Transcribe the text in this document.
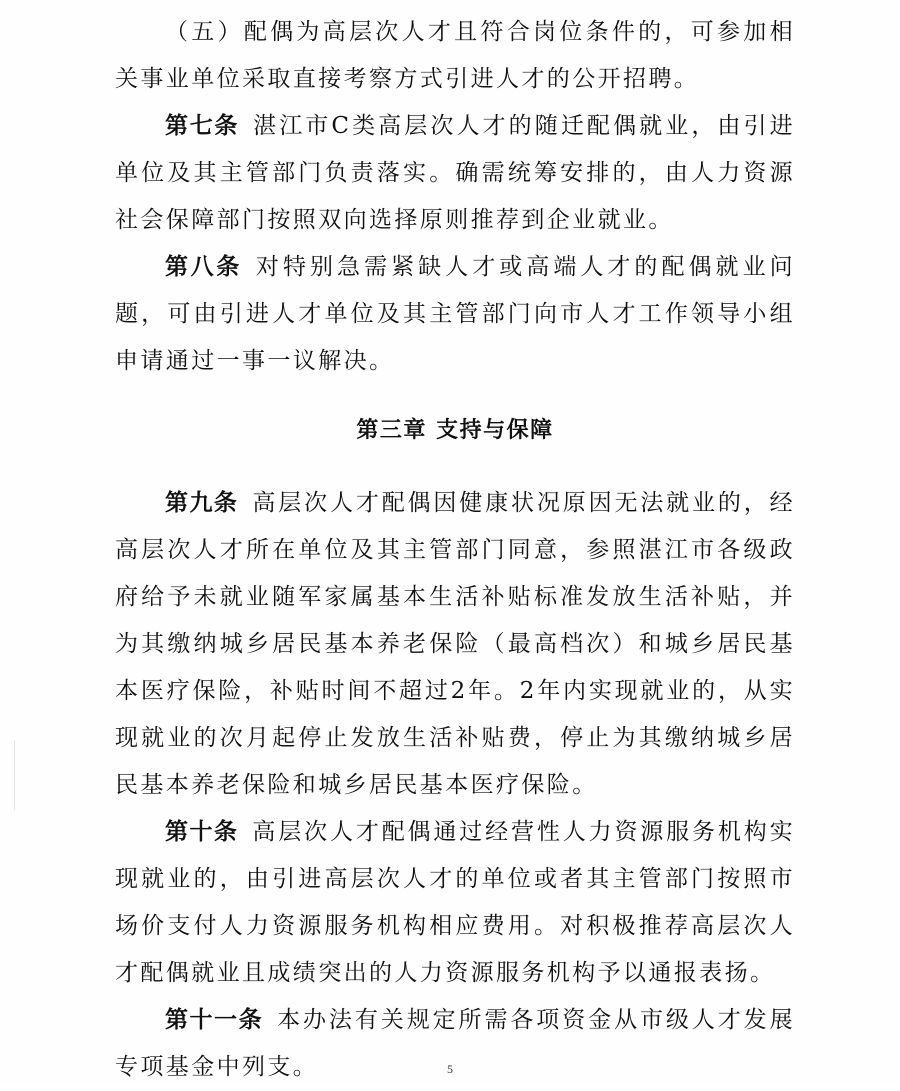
（五）配偶为高层次人才且符合岗位条件的，可参加相关事业单位采取直接考察方式引进人才的公开招聘。

第七条 湛江市C类高层次人才的随迁配偶就业，由引进单位及其主管部门负责落实。确需统筹安排的，由人力资源社会保障部门按照双向选择原则推荐到企业就业。

第八条 对特别急需紧缺人才或高端人才的配偶就业问题，可由引进人才单位及其主管部门向市人才工作领导小组申请通过一事一议解决。

第三章 支持与保障

第九条 高层次人才配偶因健康状况原因无法就业的，经高层次人才所在单位及其主管部门同意，参照湛江市各级政府给予未就业随军家属基本生活补贴标准发放生活补贴，并为其缴纳城乡居民基本养老保险（最高档次）和城乡居民基本医疗保险，补贴时间不超过2年。2年内实现就业的，从实现就业的次月起停止发放生活补贴费，停止为其缴纳城乡居民基本养老保险和城乡居民基本医疗保险。

第十条 高层次人才配偶通过经营性人力资源服务机构实现就业的，由引进高层次人才的单位或者其主管部门按照市场价支付人力资源服务机构相应费用。对积极推荐高层次人才配偶就业且成绩突出的人力资源服务机构予以通报表扬。

第十一条 本办法有关规定所需各项资金从市级人才发展专项基金中列支。	5
